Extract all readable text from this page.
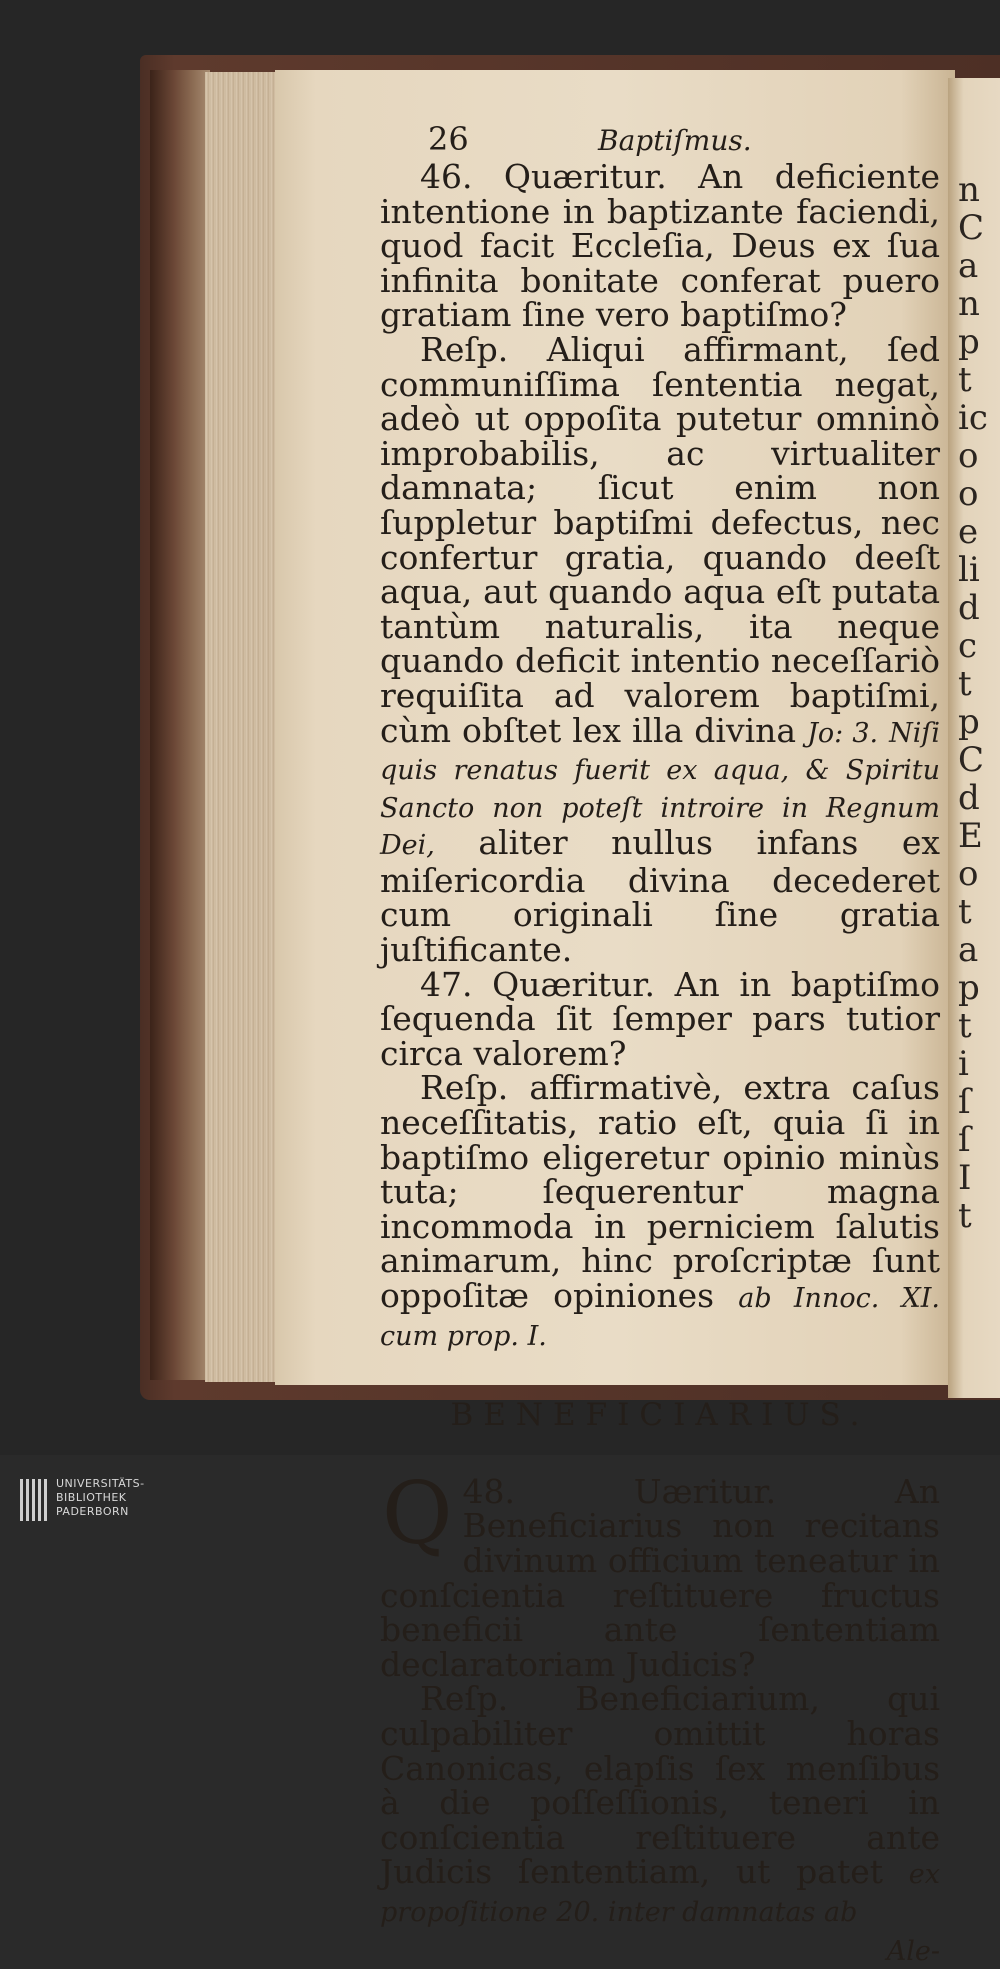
n
C
a
n
p
t
ic
o
o
e
li
d
c
t
p
C
d
E
o
t
a
p
t
i
ſ
ſ
I
t
26	Baptiſmus.

46. Quæritur. An deficiente intentione in baptizante faciendi, quod facit Eccleſia, Deus ex ſua infinita bonitate conferat puero gratiam ſine vero baptiſmo?

Reſp. Aliqui affirmant, ſed communiſſima ſententia negat, adeò ut oppoſita putetur omninò improbabilis, ac virtualiter damnata; ſicut enim non ſuppletur baptiſmi defectus, nec confertur gratia, quando deeſt aqua, aut quando aqua eſt putata tantùm naturalis, ita neque quando deficit intentio neceſſariò requiſita ad valorem baptiſmi, cùm obſtet lex illa divina Jo: 3. Niſi quis renatus fuerit ex aqua, & Spiritu Sancto non poteſt introire in Regnum Dei, aliter nullus infans ex miſericordia divina decederet cum originali ſine gratia juſtificante.

47. Quæritur. An in baptiſmo ſequenda ſit ſemper pars tutior circa valorem?

Reſp. affirmativè, extra caſus neceſſitatis, ratio eſt, quia ſi in baptiſmo eligeretur opinio minùs tuta; ſequerentur magna incommoda in perniciem ſalutis animarum, hinc proſcriptæ ſunt oppoſitæ opiniones ab Innoc. XI. cum prop. I.

BENEFICIARIUS.

48.
Q	Uæritur. An Beneficiarius non recitans divinum officium teneatur in conſcientia reſtituere fructus beneficii ante ſententiam declaratoriam Judicis?

Reſp. Beneficiarium, qui culpabiliter omittit horas Canonicas, elapſis ſex menſibus à die poſſeſſionis, teneri in conſcientia reſtituere ante Judicis ſententiam, ut patet ex propoſitione 20. inter damnatas ab

Ale-
UNIVERSITÄTS-
BIBLIOTHEK
PADERBORN
